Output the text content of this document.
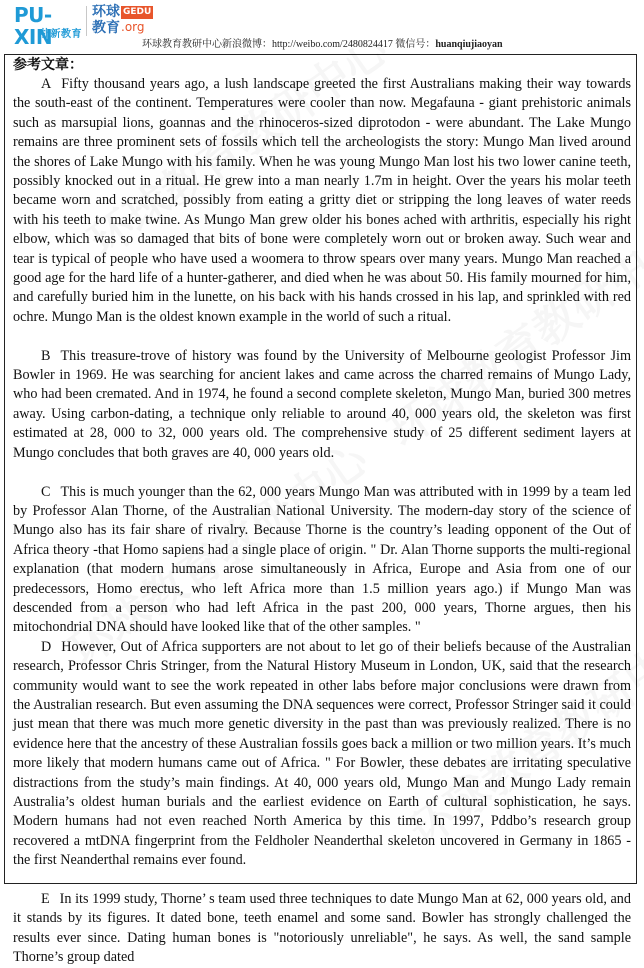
PU-XIN
朴新教育
环球
教育
GEDU
.org
环球教育教研中心新浪微博：http://weibo.com/2480824417 微信号：huanqiujiaoyan

参考文章：

A Fifty thousand years ago, a lush landscape greeted the first Australians making their way towards the south-east of the continent. Temperatures were cooler than now. Megafauna - giant prehistoric animals such as marsupial lions, goannas and the rhinoceros-sized diprotodon - were abundant. The Lake Mungo remains are three prominent sets of fossils which tell the archeologists the story: Mungo Man lived around the shores of Lake Mungo with his family. When he was young Mungo Man lost his two lower canine teeth, possibly knocked out in a ritual. He grew into a man nearly 1.7m in height. Over the years his molar teeth became worn and scratched, possibly from eating a gritty diet or stripping the long leaves of water reeds with his teeth to make twine. As Mungo Man grew older his bones ached with arthritis, especially his right elbow, which was so damaged that bits of bone were completely worn out or broken away. Such wear and tear is typical of people who have used a woomera to throw spears over many years. Mungo Man reached a good age for the hard life of a hunter-gatherer, and died when he was about 50. His family mourned for him, and carefully buried him in the lunette, on his back with his hands crossed in his lap, and sprinkled with red ochre. Mungo Man is the oldest known example in the world of such a ritual.

B This treasure-trove of history was found by the University of Melbourne geologist Professor Jim Bowler in 1969. He was searching for ancient lakes and came across the charred remains of Mungo Lady, who had been cremated. And in 1974, he found a second complete skeleton, Mungo Man, buried 300 metres away. Using carbon-dating, a technique only reliable to around 40, 000 years old, the skeleton was first estimated at 28, 000 to 32, 000 years old. The comprehensive study of 25 different sediment layers at Mungo concludes that both graves are 40, 000 years old.

C This is much younger than the 62, 000 years Mungo Man was attributed with in 1999 by a team led by Professor Alan Thorne, of the Australian National University. The modern-day story of the science of Mungo also has its fair share of rivalry. Because Thorne is the country’s leading opponent of the Out of Africa theory -that Homo sapiens had a single place of origin. " Dr. Alan Thorne supports the multi-regional explanation (that modern humans arose simultaneously in Africa, Europe and Asia from one of our predecessors, Homo erectus, who left Africa more than 1.5 million years ago.) if Mungo Man was descended from a person who had left Africa in the past 200, 000 years, Thorne argues, then his mitochondrial DNA should have looked like that of the other samples. "

D However, Out of Africa supporters are not about to let go of their beliefs because of the Australian research, Professor Chris Stringer, from the Natural History Museum in London, UK, said that the research community would want to see the work repeated in other labs before major conclusions were drawn from the Australian research. But even assuming the DNA sequences were correct, Professor Stringer said it could just mean that there was much more genetic diversity in the past than was previously realized. There is no evidence here that the ancestry of these Australian fossils goes back a million or two million years. It’s much more likely that modern humans came out of Africa. " For Bowler, these debates are irritating speculative distractions from the study’s main findings. At 40, 000 years old, Mungo Man and Mungo Lady remain Australia’s oldest human burials and the earliest evidence on Earth of cultural sophistication, he says. Modern humans had not even reached North America by this time. In 1997, Pddbo’s research group recovered a mtDNA fingerprint from the Feldholer Neanderthal skeleton uncovered in Germany in 1865 - the first Neanderthal remains ever found.

E In its 1999 study, Thorne’ s team used three techniques to date Mungo Man at 62, 000 years old, and it stands by its figures. It dated bone, teeth enamel and some sand. Bowler has strongly challenged the results ever since. Dating human bones is "notoriously unreliable", he says. As well, the sand sample Thorne’s group dated
